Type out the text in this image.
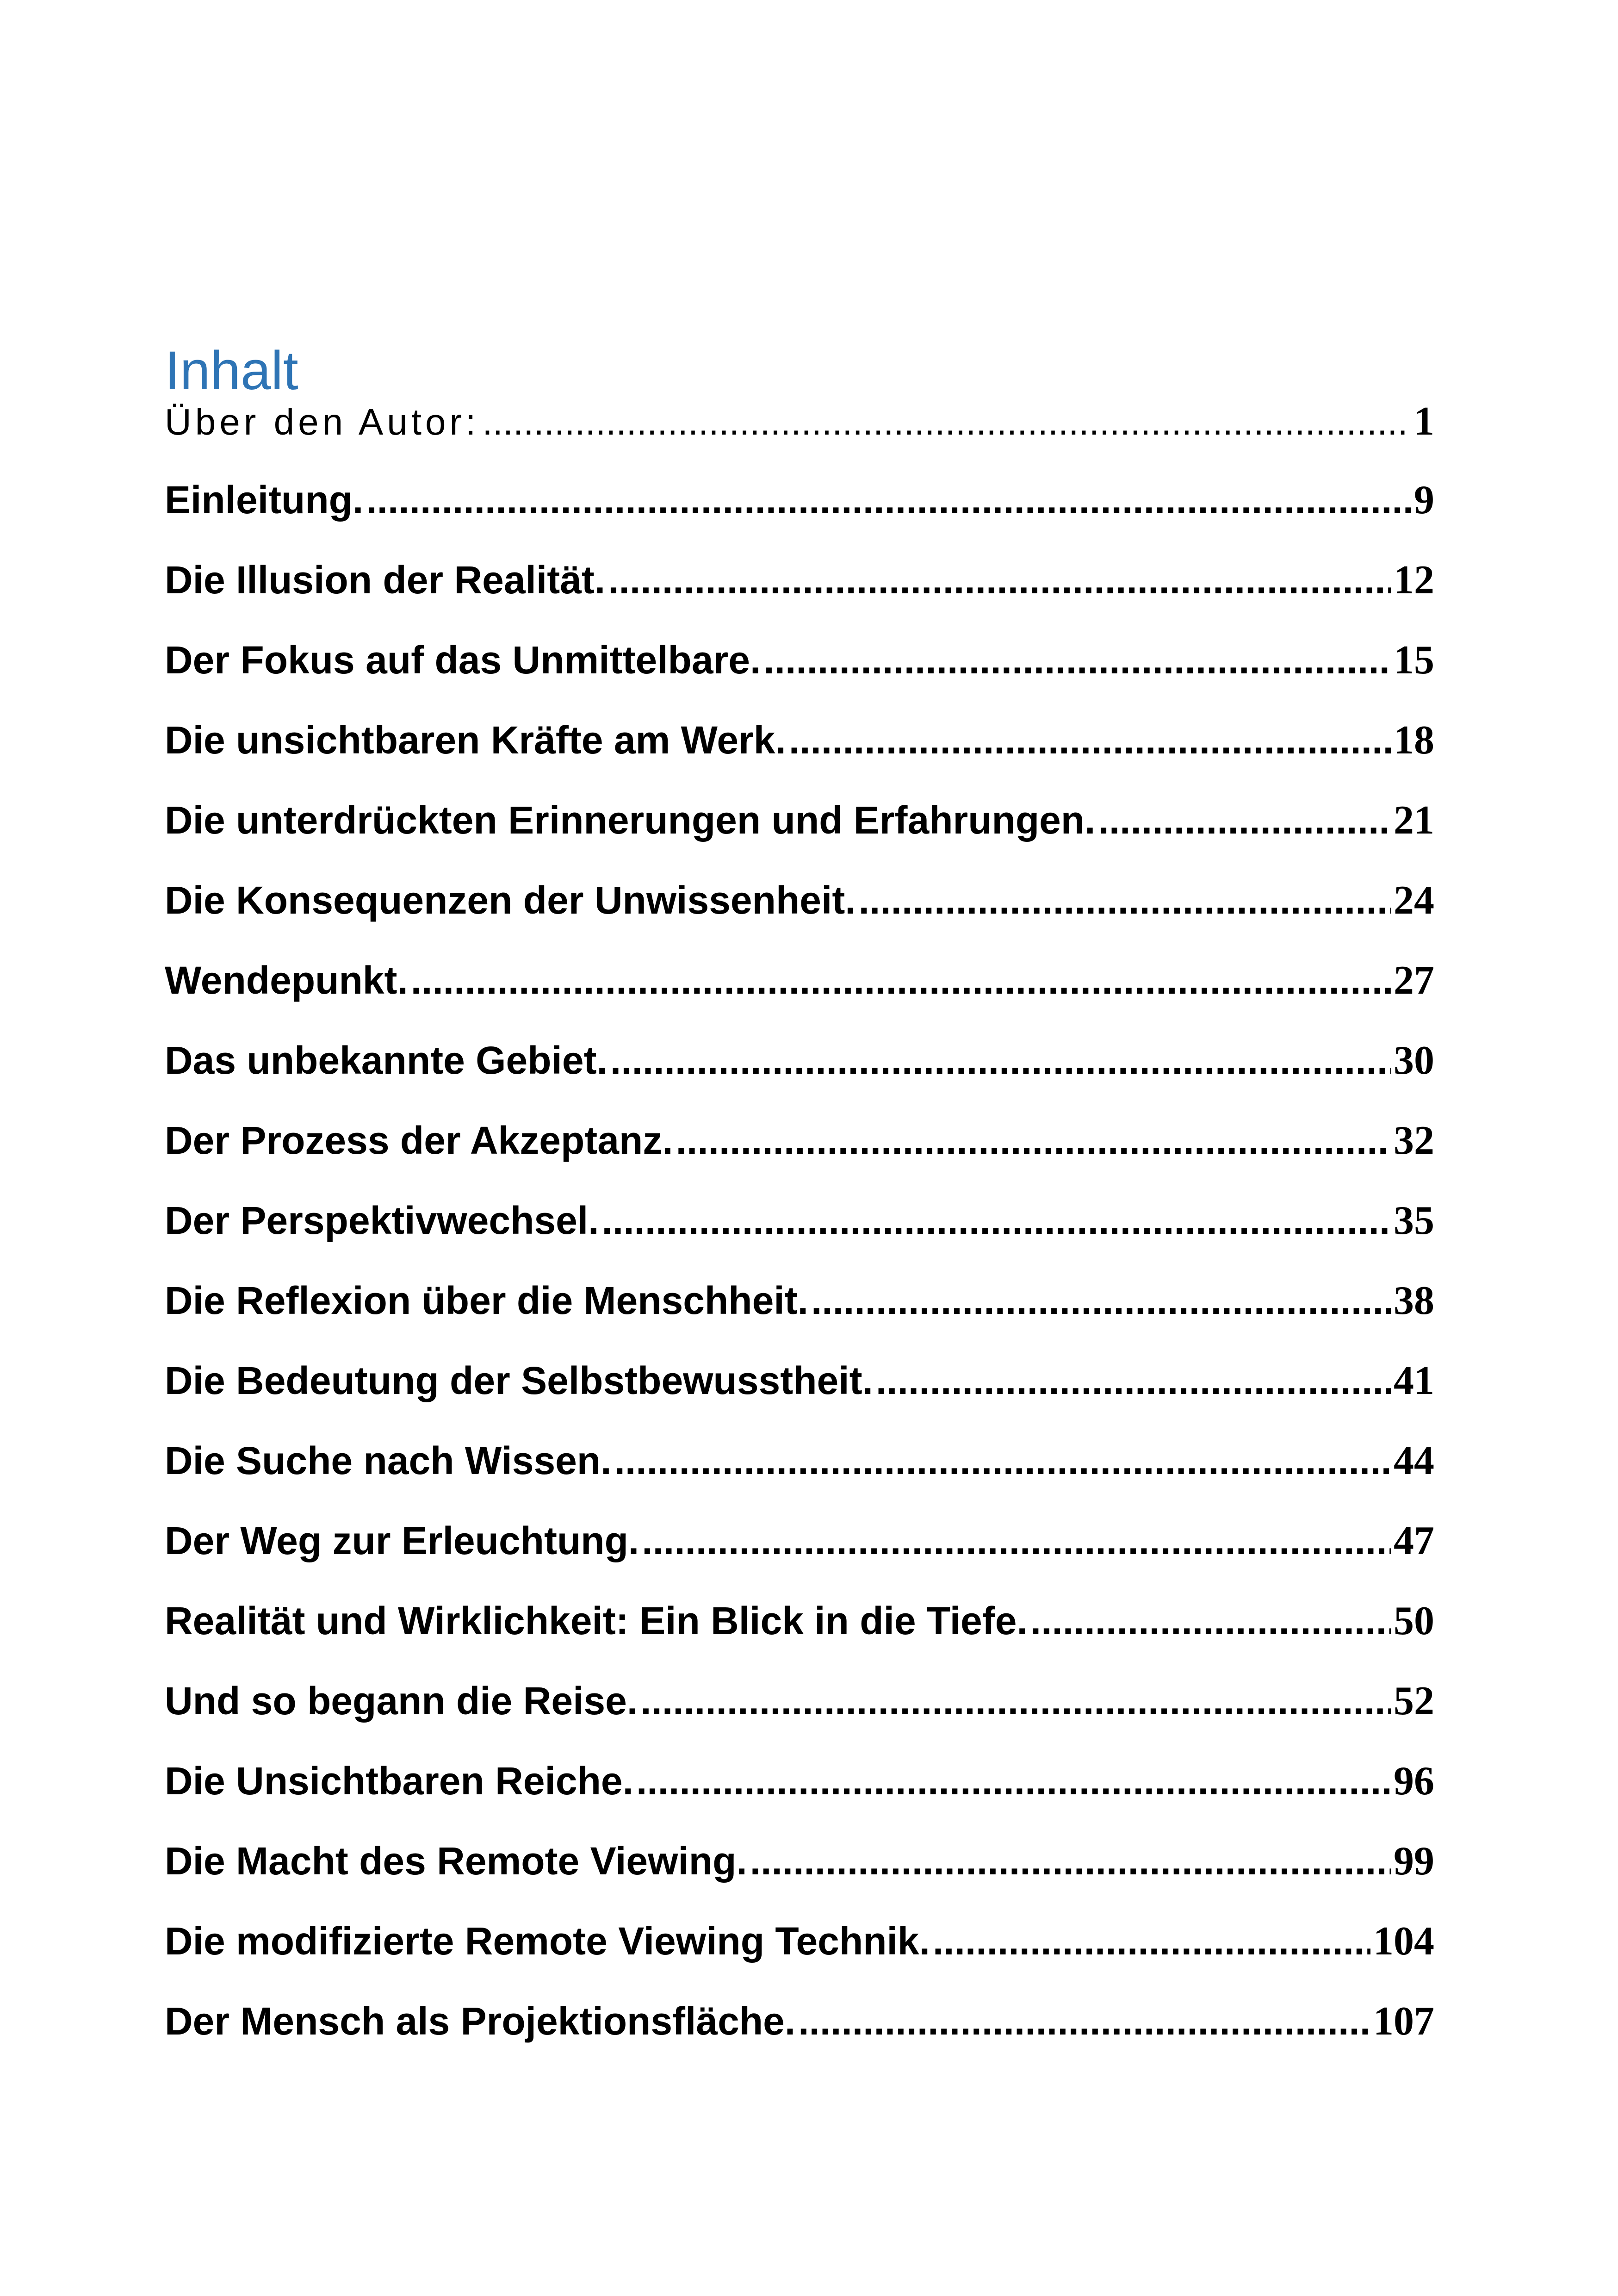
Inhalt
Über den Autor: .....	1
Einleitung. .....	9
Die Illusion der Realität. .....	12
Der Fokus auf das Unmittelbare. .....	15
Die unsichtbaren Kräfte am Werk. .....	18
Die unterdrückten Erinnerungen und Erfahrungen. .....	21
Die Konsequenzen der Unwissenheit. .....	24
Wendepunkt. .....	27
Das unbekannte Gebiet. .....	30
Der Prozess der Akzeptanz. .....	32
Der Perspektivwechsel. .....	35
Die Reflexion über die Menschheit. .....	38
Die Bedeutung der Selbstbewusstheit. .....	41
Die Suche nach Wissen. .....	44
Der Weg zur Erleuchtung. .....	47
Realität und Wirklichkeit: Ein Blick in die Tiefe. .....	50
Und so begann die Reise. .....	52
Die Unsichtbaren Reiche. .....	96
Die Macht des Remote Viewing. .....	99
Die modifizierte Remote Viewing Technik. .....	104
Der Mensch als Projektionsfläche. .....	107
